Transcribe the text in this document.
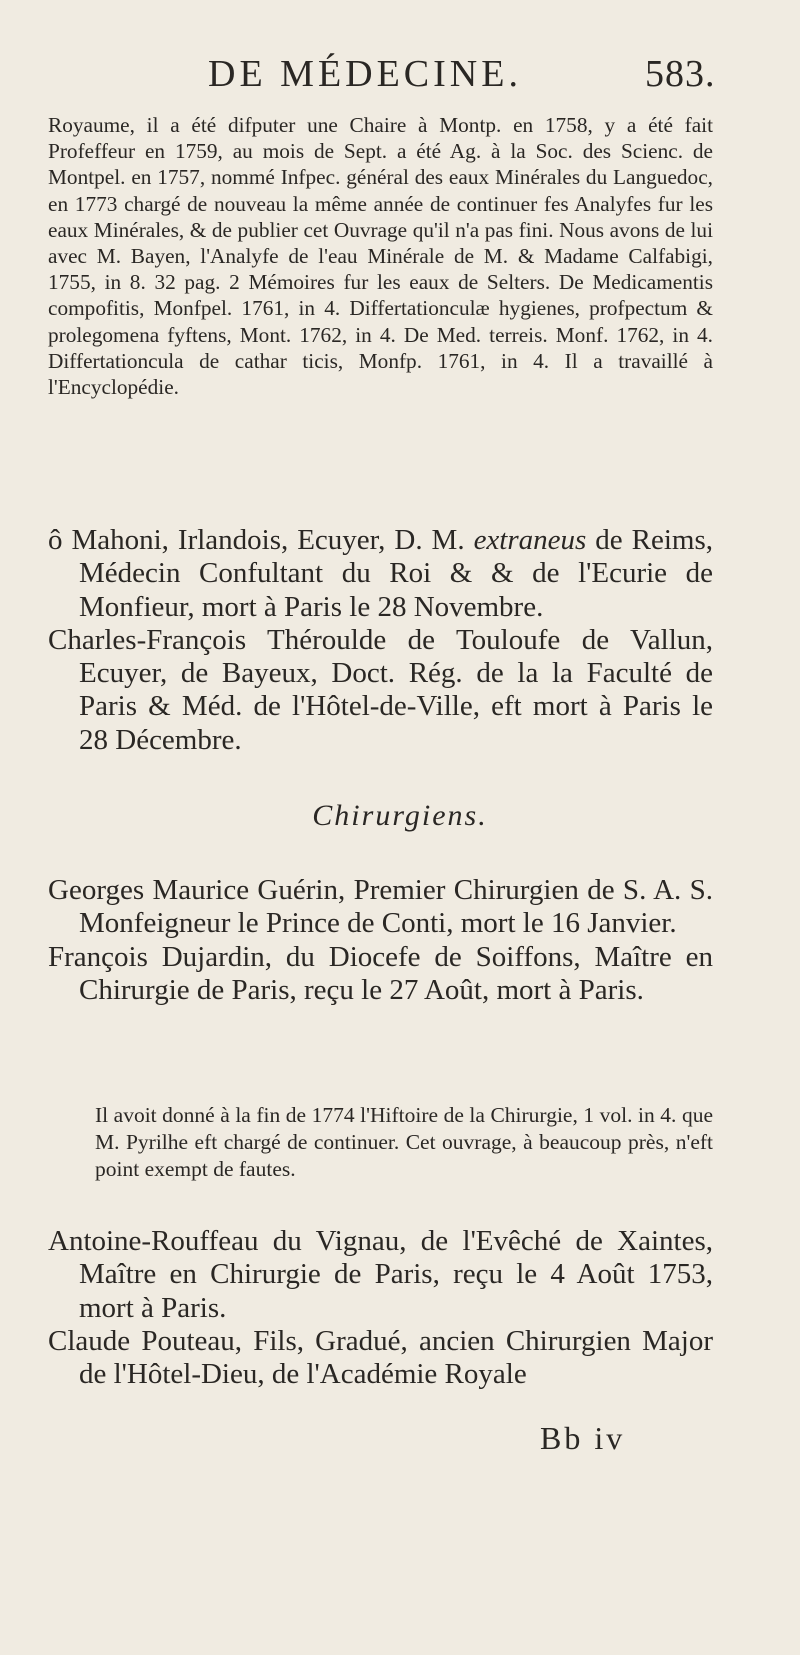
DE MÉDECINE.	583.

Royaume, il a été difputer une Chaire à Montp. en 1758, y a été fait Profeffeur en 1759, au mois de Sept. a été Ag. à la Soc. des Scienc. de Montpel. en 1757, nommé Infpec. général des eaux Minérales du Languedoc, en 1773 chargé de nouveau la même année de continuer fes Analyfes fur les eaux Minérales, & de publier cet Ouvrage qu'il n'a pas fini. Nous avons de lui avec M. Bayen, l'Analyfe de l'eau Minérale de M. & Madame Calfabigi, 1755, in 8. 32 pag. 2 Mémoires fur les eaux de Selters. De Medicamentis compofitis, Monfpel. 1761, in 4. Differtationculæ hygienes, profpectum & prolegomena fyftens, Mont. 1762, in 4. De Med. terreis. Monf. 1762, in 4. Differtationcula de cathar ticis, Monfp. 1761, in 4. Il a travaillé à l'Encyclopédie.

ô Mahoni, Irlandois, Ecuyer, D. M. extraneus de Reims, Médecin Confultant du Roi & & de l'Ecurie de Monfieur, mort à Paris le 28 Novembre.

Charles-François Théroulde de Touloufe de Vallun, Ecuyer, de Bayeux, Doct. Rég. de la la Faculté de Paris & Méd. de l'Hôtel-de-Ville, eft mort à Paris le 28 Décembre.

Chirurgiens.

Georges Maurice Guérin, Premier Chirurgien de S. A. S. Monfeigneur le Prince de Conti, mort le 16 Janvier.

François Dujardin, du Diocefe de Soiffons, Maître en Chirurgie de Paris, reçu le 27 Août, mort à Paris.

Il avoit donné à la fin de 1774 l'Hiftoire de la Chirurgie, 1 vol. in 4. que M. Pyrilhe eft chargé de continuer. Cet ouvrage, à beaucoup près, n'eft point exempt de fautes.

Antoine-Rouffeau du Vignau, de l'Evêché de Xaintes, Maître en Chirurgie de Paris, reçu le 4 Août 1753, mort à Paris.

Claude Pouteau, Fils, Gradué, ancien Chirurgien Major de l'Hôtel-Dieu, de l'Académie Royale

Bb iv
